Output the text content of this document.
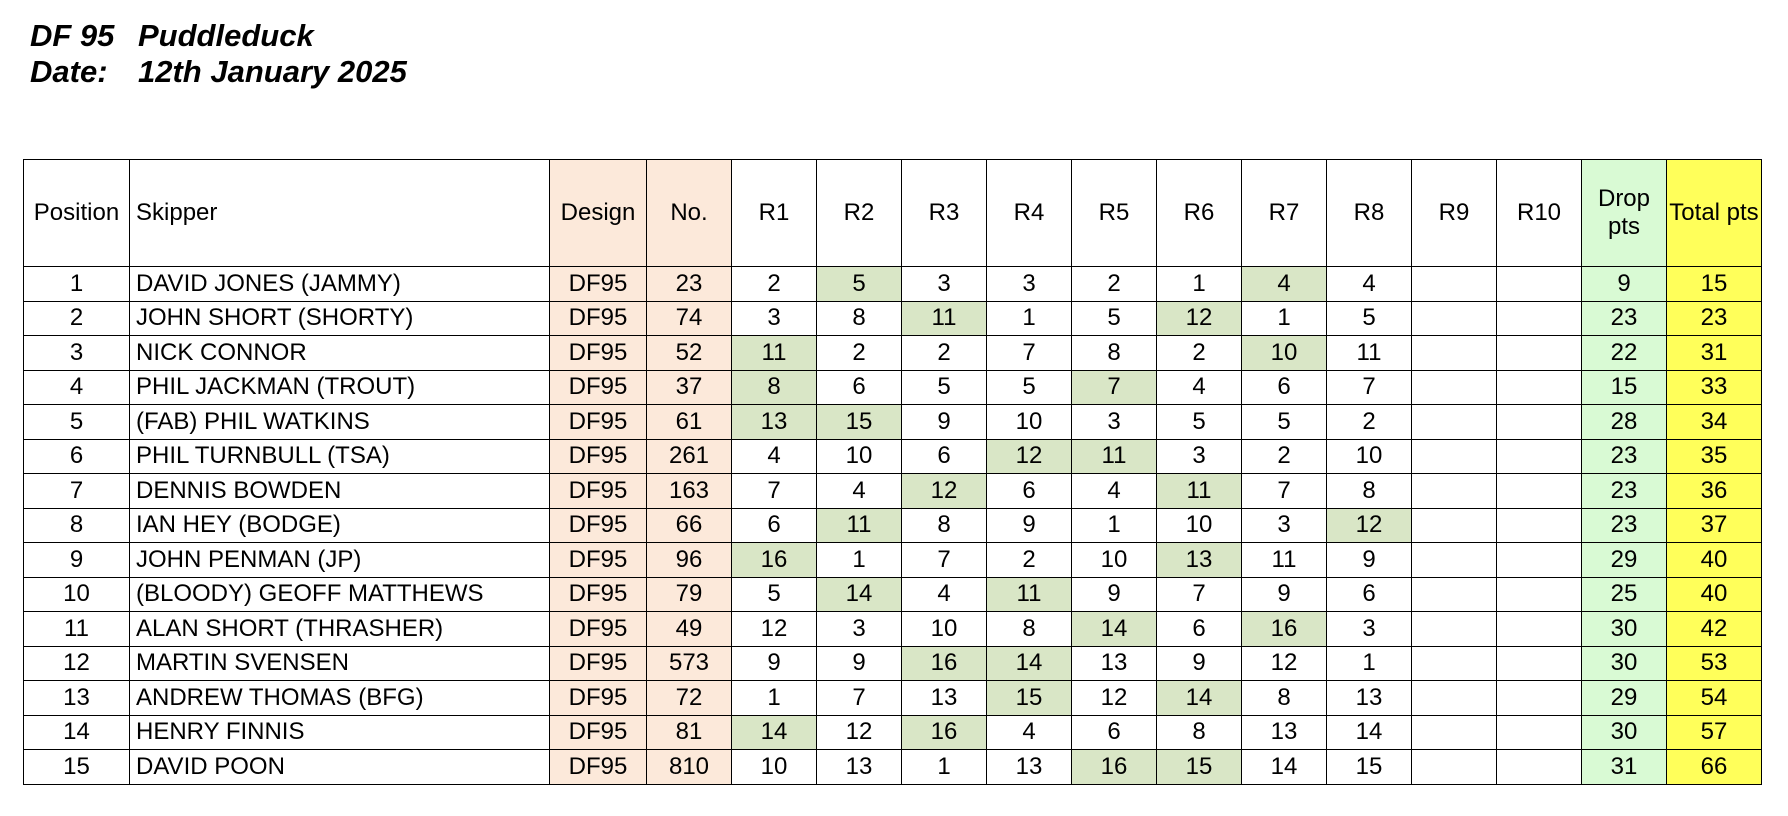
DF 95 Puddleduck
Date: 12th January 2025
Position	Skipper	Design	No.	R1	R2	R3	R4	R5	R6	R7	R8	R9	R10	Drop pts	Total pts
1	DAVID JONES (JAMMY)	DF95	23	2	5	3	3	2	1	4	4			9	15
2	JOHN SHORT (SHORTY)	DF95	74	3	8	11	1	5	12	1	5			23	23
3	NICK CONNOR	DF95	52	11	2	2	7	8	2	10	11			22	31
4	PHIL JACKMAN (TROUT)	DF95	37	8	6	5	5	7	4	6	7			15	33
5	(FAB) PHIL WATKINS	DF95	61	13	15	9	10	3	5	5	2			28	34
6	PHIL TURNBULL (TSA)	DF95	261	4	10	6	12	11	3	2	10			23	35
7	DENNIS BOWDEN	DF95	163	7	4	12	6	4	11	7	8			23	36
8	IAN HEY (BODGE)	DF95	66	6	11	8	9	1	10	3	12			23	37
9	JOHN PENMAN (JP)	DF95	96	16	1	7	2	10	13	11	9			29	40
10	(BLOODY) GEOFF MATTHEWS	DF95	79	5	14	4	11	9	7	9	6			25	40
11	ALAN SHORT (THRASHER)	DF95	49	12	3	10	8	14	6	16	3			30	42
12	MARTIN SVENSEN	DF95	573	9	9	16	14	13	9	12	1			30	53
13	ANDREW THOMAS (BFG)	DF95	72	1	7	13	15	12	14	8	13			29	54
14	HENRY FINNIS	DF95	81	14	12	16	4	6	8	13	14			30	57
15	DAVID POON	DF95	810	10	13	1	13	16	15	14	15			31	66
